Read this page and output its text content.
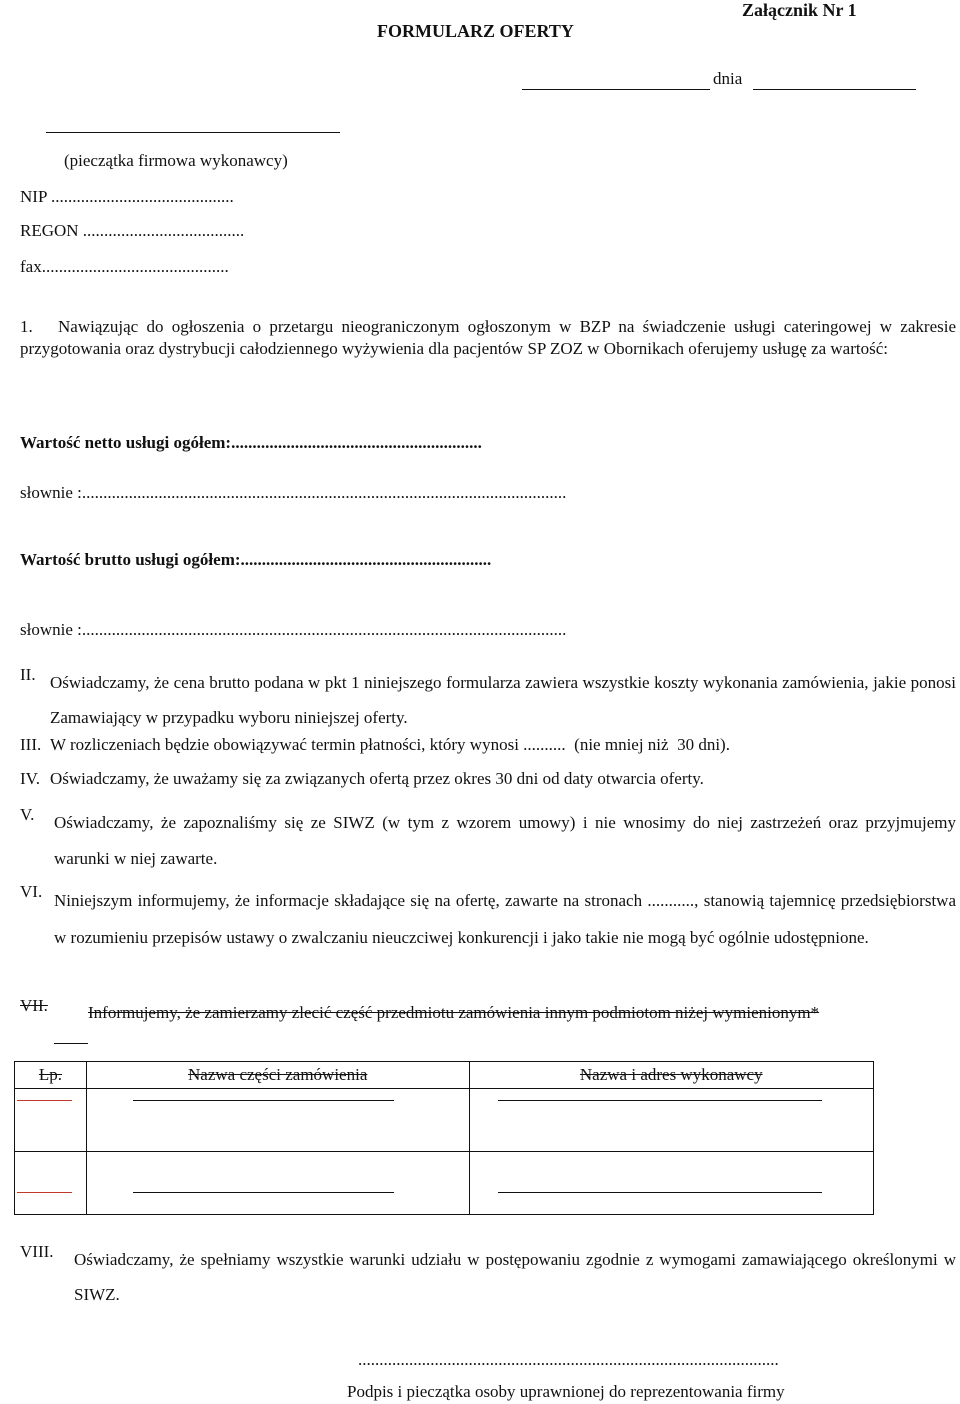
Załącznik Nr 1
FORMULARZ OFERTY
dnia
(pieczątka firmowa wykonawcy)
NIP ...........................................
REGON ......................................
fax............................................
1. Nawiązując do ogłoszenia o przetargu nieograniczonym ogłoszonym w BZP na świadczenie usługi cateringowej w zakresie przygotowania oraz dystrybucji całodziennego wyżywienia dla pacjentów SP ZOZ w Obornikach oferujemy usługę za wartość:
Wartość netto usługi ogółem:...........................................................
słownie :..................................................................................................................
Wartość brutto usługi ogółem:...........................................................
słownie :..................................................................................................................
II. Oświadczamy, że cena brutto podana w pkt 1 niniejszego formularza zawiera wszystkie koszty wykonania zamówienia, jakie ponosi Zamawiający w przypadku wyboru niniejszej oferty.
III. W rozliczeniach będzie obowiązywać termin płatności, który wynosi ..........  (nie mniej niż  30 dni).
IV. Oświadczamy, że uważamy się za związanych ofertą przez okres 30 dni od daty otwarcia oferty.
V. Oświadczamy, że zapoznaliśmy się ze SIWZ (w tym z wzorem umowy) i nie wnosimy do niej zastrzeżeń oraz przyjmujemy warunki w niej zawarte.
VI. Niniejszym informujemy, że informacje składające się na ofertę, zawarte na stronach ..........., stanowią tajemnicę przedsiębiorstwa w rozumieniu przepisów ustawy o zwalczaniu nieuczciwej konkurencji i jako takie nie mogą być ogólnie udostępnione.
VII. Informujemy, że zamierzamy zlecić część przedmiotu zamówienia innym podmiotom niżej wymienionym*
Lp.	Nazwa części zamówienia	Nazwa i adres wykonawcy

VIII. Oświadczamy, że spełniamy wszystkie warunki udziału w postępowaniu zgodnie z wymogami zamawiającego określonymi w SIWZ.
...................................................................................................
Podpis i pieczątka osoby uprawnionej do reprezentowania firmy
